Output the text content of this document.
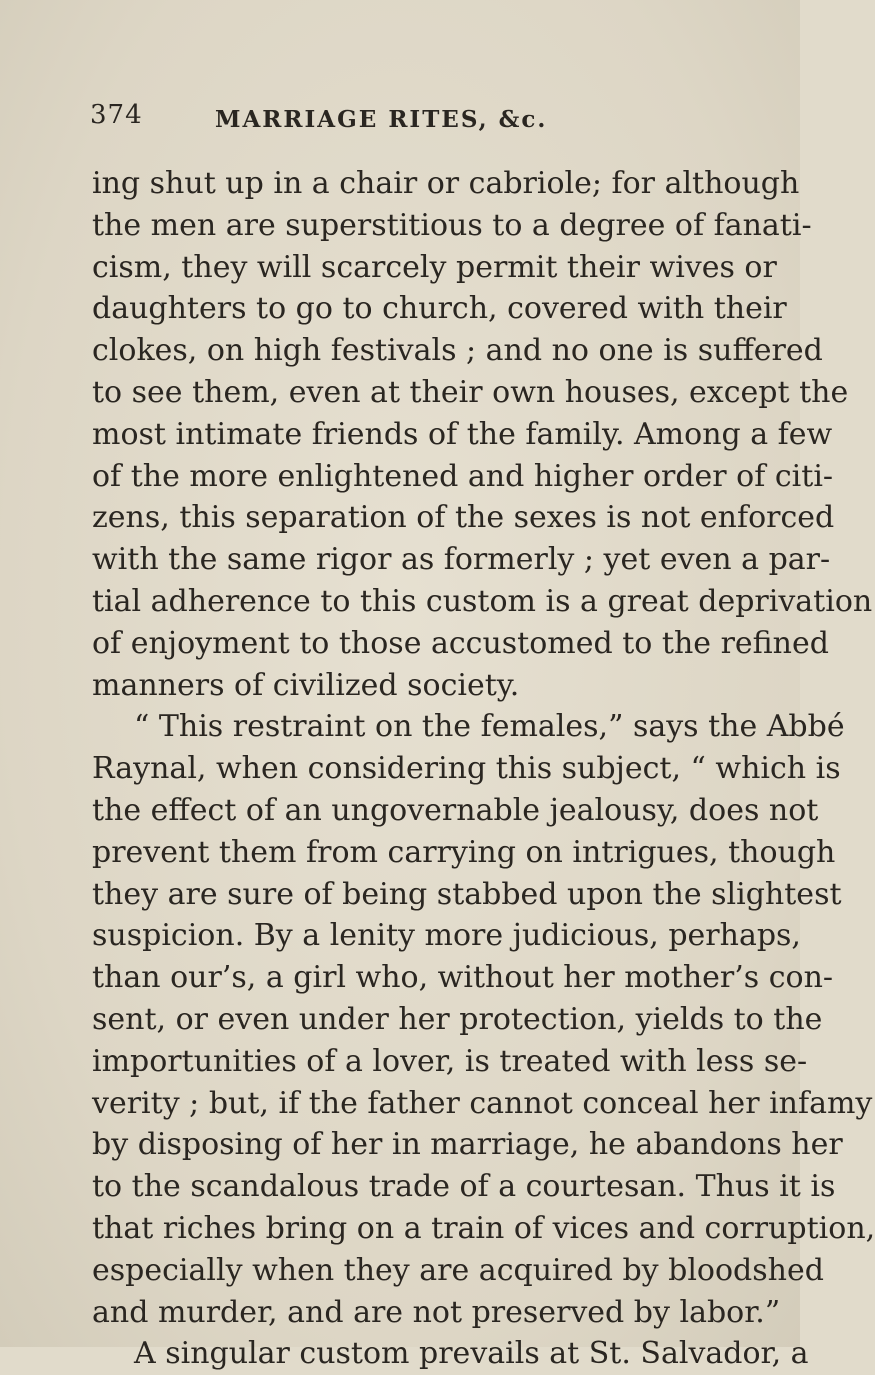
374	MARRIAGE RITES, &c.
ing shut up in a chair or cabriole; for although
the men are superstitious to a degree of fanati-
cism, they will scarcely permit their wives or
daughters to go to church, covered with their
clokes, on high festivals ; and no one is suffered
to see them, even at their own houses, except the
most intimate friends of the family. Among a few
of the more enlightened and higher order of citi-
zens, this separation of the sexes is not enforced
with the same rigor as formerly ; yet even a par-
tial adherence to this custom is a great deprivation
of enjoyment to those accustomed to the refined
manners of civilized society.
“ This restraint on the females,” says the Abbé
Raynal, when considering this subject, “ which is
the effect of an ungovernable jealousy, does not
prevent them from carrying on intrigues, though
they are sure of being stabbed upon the slightest
suspicion. By a lenity more judicious, perhaps,
than our’s, a girl who, without her mother’s con-
sent, or even under her protection, yields to the
importunities of a lover, is treated with less se-
verity ; but, if the father cannot conceal her infamy
by disposing of her in marriage, he abandons her
to the scandalous trade of a courtesan. Thus it is
that riches bring on a train of vices and corruption,
especially when they are acquired by bloodshed
and murder, and are not preserved by labor.”
A singular custom prevails at St. Salvador, a
